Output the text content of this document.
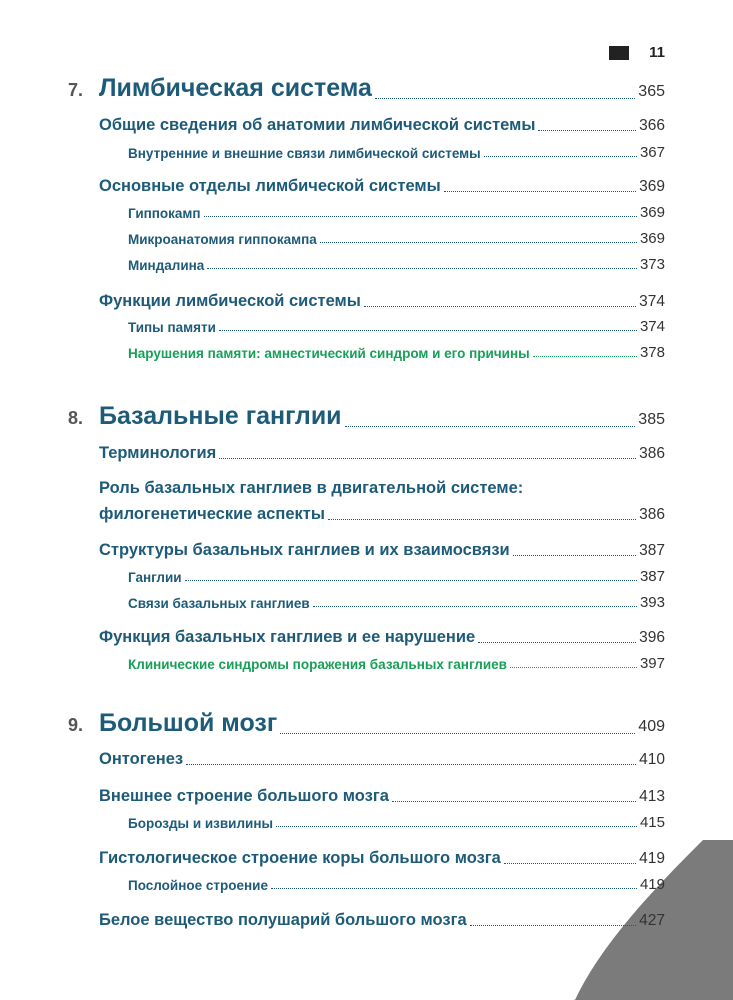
11
7. Лимбическая система	365
Общие сведения об анатомии лимбической системы	366
Внутренние и внешние связи лимбической системы	367
Основные отделы лимбической системы	369
Гиппокамп	369
Микроанатомия гиппокампа	369
Миндалина	373
Функции лимбической системы	374
Типы памяти	374
Нарушения памяти: амнестический синдром и его причины	378
8. Базальные ганглии	385
Терминология	386
Роль базальных ганглиев в двигательной системе:
филогенетические аспекты	386
Структуры базальных ганглиев и их взаимосвязи	387
Ганглии	387
Связи базальных ганглиев	393
Функция базальных ганглиев и ее нарушение	396
Клинические синдромы поражения базальных ганглиев	397
9. Большой мозг	409
Онтогенез	410
Внешнее строение большого мозга	413
Борозды и извилины	415
Гистологическое строение коры большого мозга	419
Послойное строение	419
Белое вещество полушарий большого мозга	427
